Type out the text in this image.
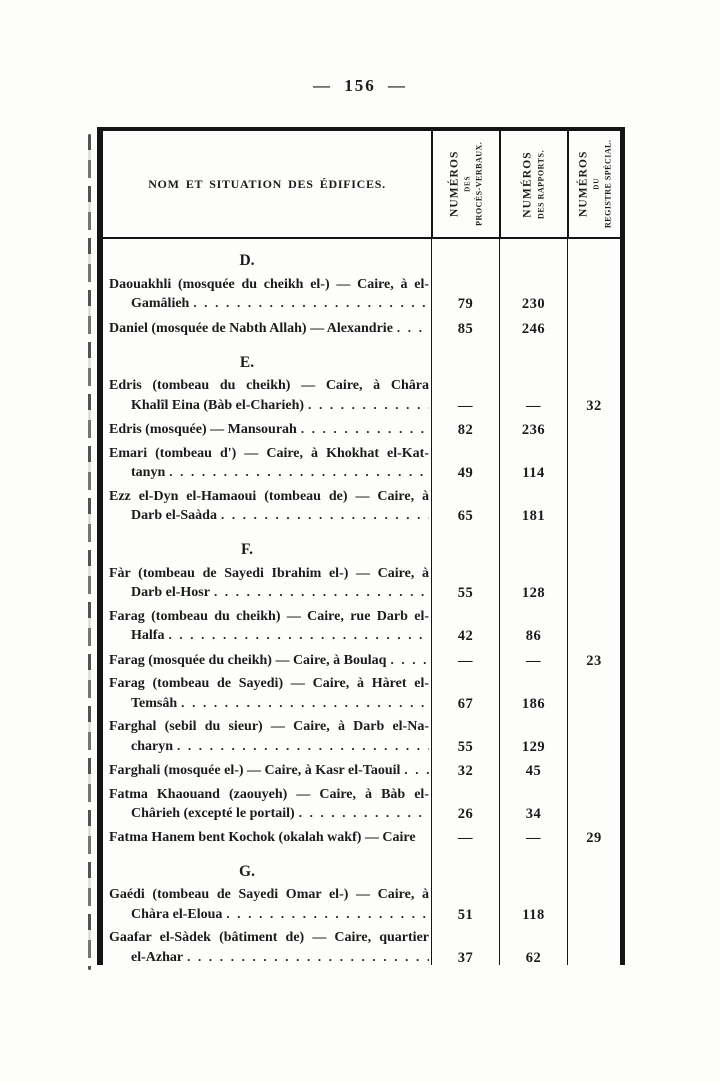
— 156 —
NOM ET SITUATION DES ÉDIFICES.	NUMÉROS DES PROCÈS-VERBAUX.	NUMÉROS DES RAPPORTS.	NUMÉROS DU REGISTRE SPÉCIAL.
D.
Daouakhli (mosquée du cheikh el-) — Caire, à el-
Gamâlieh . . .	79	230
Daniel (mosquée de Nabth Allah) — Alexandrie . . .	85	246
E.
Edris (tombeau du cheikh) — Caire, à Châra
Khalîl Eina (Bàb el-Charieh) . . .	—	—	32
Edris (mosquée) — Mansourah . . .	82	236
Emari (tombeau d') — Caire, à Khokhat el-Kat-
tanyn . . .	49	114
Ezz el-Dyn el-Hamaoui (tombeau de) — Caire, à
Darb el-Saàda . . .	65	181
F.
Fàr (tombeau de Sayedi Ibrahim el-) — Caire, à
Darb el-Hosr . . .	55	128
Farag (tombeau du cheikh) — Caire, rue Darb el-
Halfa . . .	42	86
Farag (mosquée du cheikh) — Caire, à Boulaq . . .	—	—	23
Farag (tombeau de Sayedi) — Caire, à Hàret el-
Temsâh . . .	67	186
Farghal (sebil du sieur) — Caire, à Darb el-Na-
charyn . . .	55	129
Farghali (mosquée el-) — Caire, à Kasr el-Taouil . . .	32	45
Fatma Khaouand (zaouyeh) — Caire, à Bàb el-
Chârieh (excepté le portail) . . .	26	34
Fatma Hanem bent Kochok (okalah wakf) — Caire	—	—	29
G.
Gaédi (tombeau de Sayedi Omar el-) — Caire, à
Chàra el-Eloua . . .	51	118
Gaafar el-Sàdek (bâtiment de) — Caire, quartier
el-Azhar . . .	37	62
